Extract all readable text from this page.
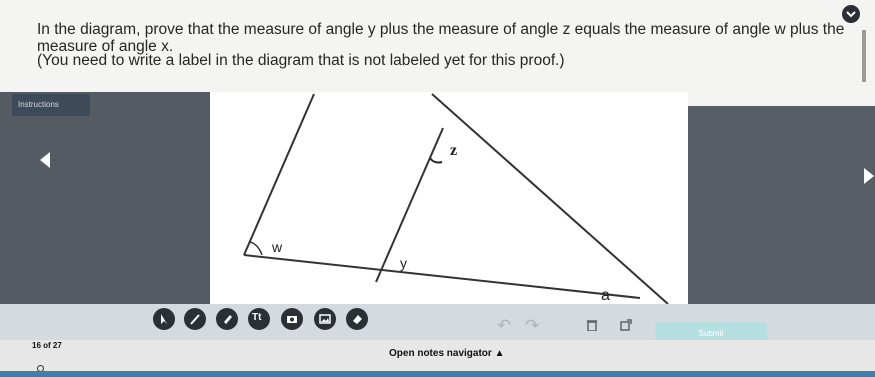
In the diagram, prove that the measure of angle y plus the measure of angle z equals the measure of angle w plus the measure of angle x.
(You need to write a label in the diagram that is not labeled yet for this proof.)
Instructions
z
w
y
a
Tt	↶ ↷	Submit
16 of 27
Open notes navigator ▲
